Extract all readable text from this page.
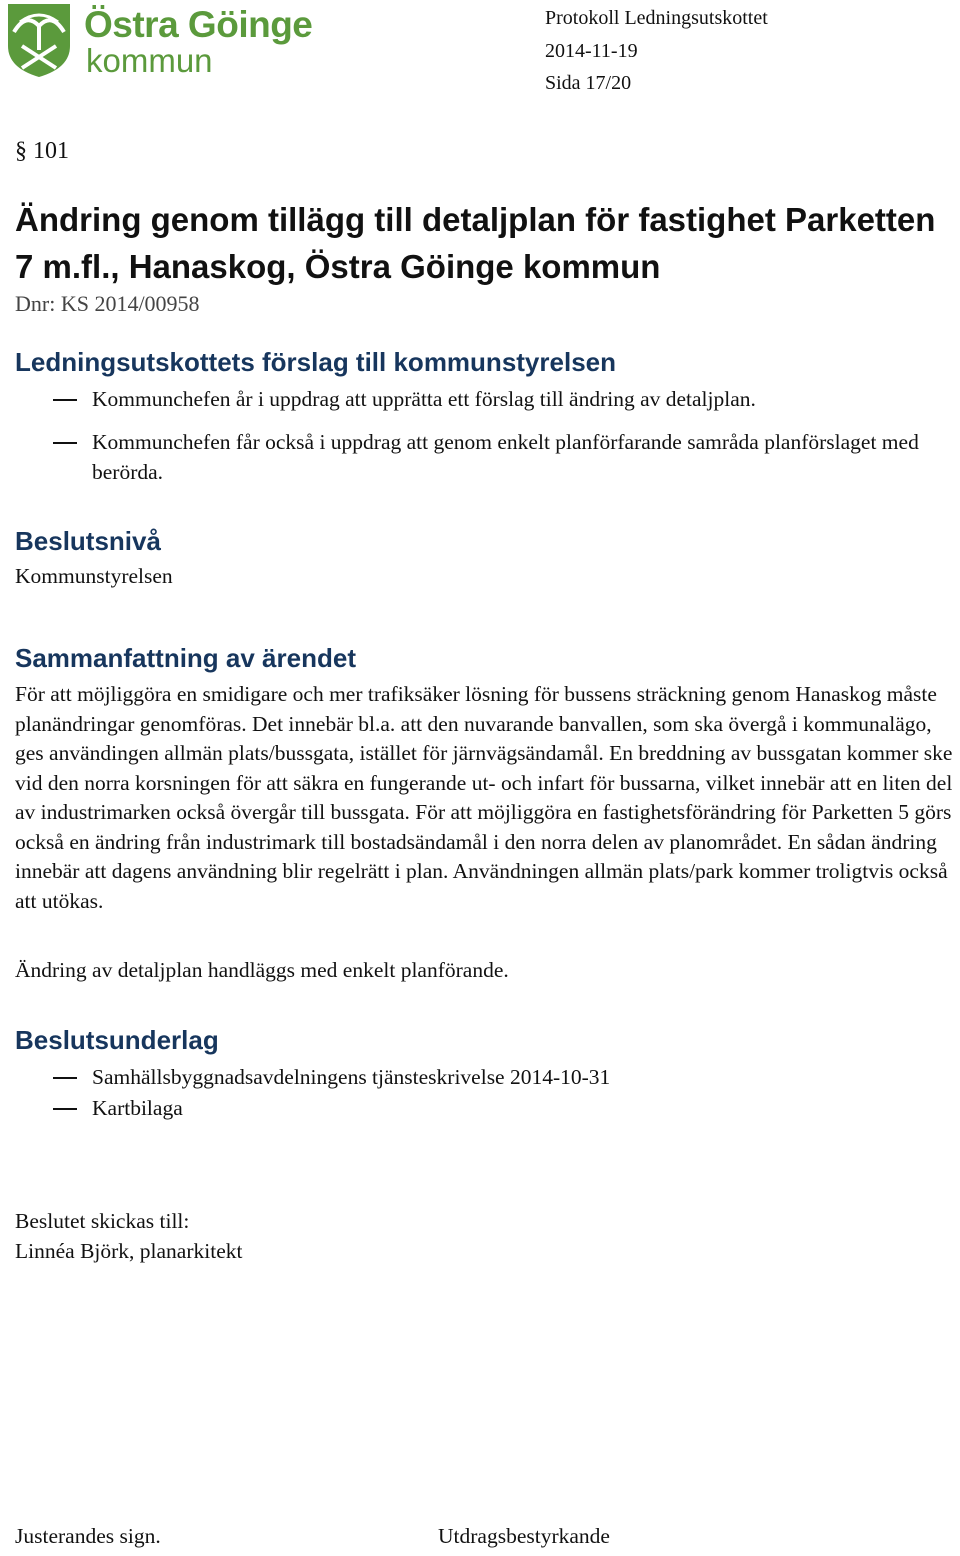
Östra Göinge
kommun
Protokoll Ledningsutskottet
2014-11-19
Sida 17/20
§ 101
Ändring genom tillägg till detaljplan för fastighet Parketten 7 m.fl., Hanaskog, Östra Göinge kommun
Dnr: KS 2014/00958
Ledningsutskottets förslag till kommunstyrelsen
Kommunchefen år i uppdrag att upprätta ett förslag till ändring av detaljplan.
Kommunchefen får också i uppdrag att genom enkelt planförfarande samråda planförslaget med berörda.
Beslutsnivå
Kommunstyrelsen
Sammanfattning av ärendet
För att möjliggöra en smidigare och mer trafiksäker lösning för bussens sträckning genom Hanaskog måste planändringar genomföras. Det innebär bl.a. att den nuvarande banvallen, som ska övergå i kommunalägo, ges användingen allmän plats/bussgata, istället för järnvägsändamål. En breddning av bussgatan kommer ske vid den norra korsningen för att säkra en fungerande ut- och infart för bussarna, vilket innebär att en liten del av industrimarken också övergår till bussgata. För att möjliggöra en fastighetsförändring för Parketten 5 görs också en ändring från industrimark till bostadsändamål i den norra delen av planområdet. En sådan ändring innebär att dagens användning blir regelrätt i plan. Användningen allmän plats/park kommer troligtvis också att utökas.
Ändring av detaljplan handläggs med enkelt planförande.
Beslutsunderlag
Samhällsbyggnadsavdelningens tjänsteskrivelse 2014-10-31
Kartbilaga
Beslutet skickas till:
Linnéa Björk, planarkitekt
Justerandes sign.	Utdragsbestyrkande
